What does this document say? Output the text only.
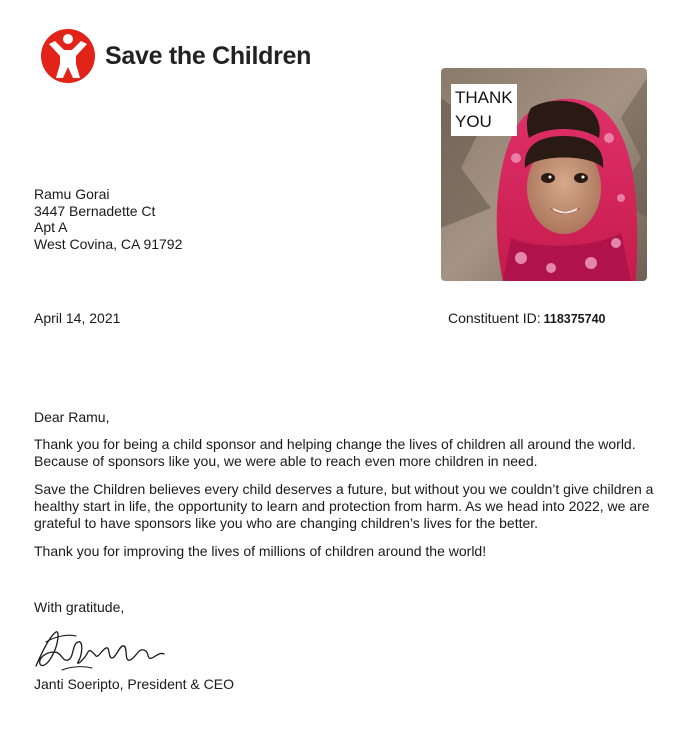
Save the Children
THANK YOU
Ramu Gorai
3447 Bernadette Ct
Apt A
West Covina, CA 91792
April 14, 2021	Constituent ID: 118375740

Dear Ramu,

Thank you for being a child sponsor and helping change the lives of children all around the world. Because of sponsors like you, we were able to reach even more children in need.

Save the Children believes every child deserves a future, but without you we couldn’t give children a healthy start in life, the opportunity to learn and protection from harm. As we head into 2022, we are grateful to have sponsors like you who are changing children’s lives for the better.

Thank you for improving the lives of millions of children around the world!

With gratitude,
Janti Soeripto, President & CEO
